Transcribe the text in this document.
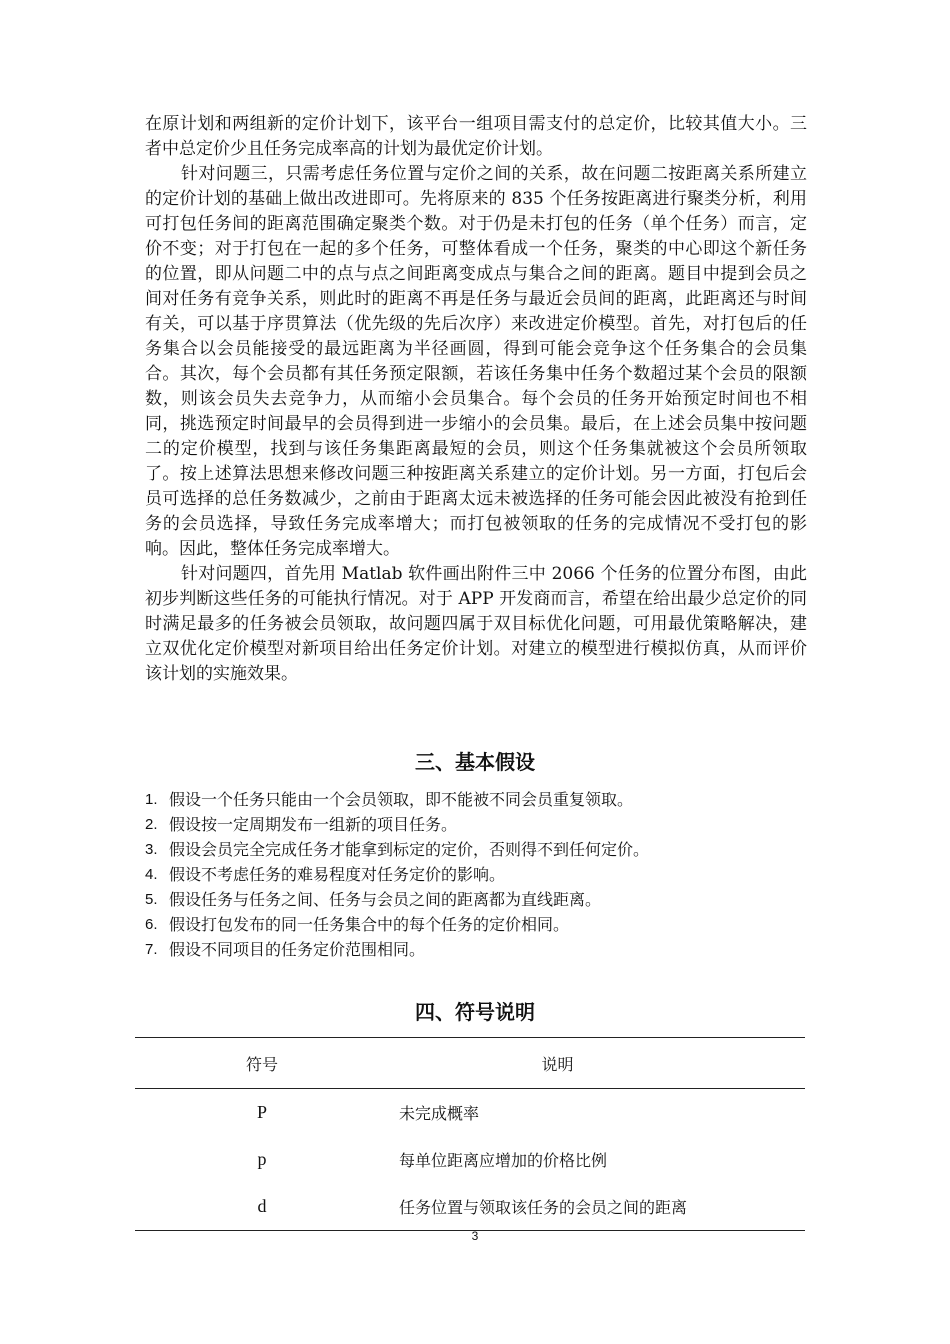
在原计划和两组新的定价计划下，该平台一组项目需支付的总定价，比较其值大小。三者中总定价少且任务完成率高的计划为最优定价计划。

针对问题三，只需考虑任务位置与定价之间的关系，故在问题二按距离关系所建立的定价计划的基础上做出改进即可。先将原来的 835 个任务按距离进行聚类分析，利用可打包任务间的距离范围确定聚类个数。对于仍是未打包的任务（单个任务）而言，定价不变；对于打包在一起的多个任务，可整体看成一个任务，聚类的中心即这个新任务的位置，即从问题二中的点与点之间距离变成点与集合之间的距离。题目中提到会员之间对任务有竞争关系，则此时的距离不再是任务与最近会员间的距离，此距离还与时间有关，可以基于序贯算法（优先级的先后次序）来改进定价模型。首先，对打包后的任务集合以会员能接受的最远距离为半径画圆，得到可能会竞争这个任务集合的会员集合。其次，每个会员都有其任务预定限额，若该任务集中任务个数超过某个会员的限额数，则该会员失去竞争力，从而缩小会员集合。每个会员的任务开始预定时间也不相同，挑选预定时间最早的会员得到进一步缩小的会员集。最后，在上述会员集中按问题二的定价模型，找到与该任务集距离最短的会员，则这个任务集就被这个会员所领取了。按上述算法思想来修改问题三种按距离关系建立的定价计划。另一方面，打包后会员可选择的总任务数减少，之前由于距离太远未被选择的任务可能会因此被没有抢到任务的会员选择，导致任务完成率增大；而打包被领取的任务的完成情况不受打包的影响。因此，整体任务完成率增大。

针对问题四，首先用 Matlab 软件画出附件三中 2066 个任务的位置分布图，由此初步判断这些任务的可能执行情况。对于 APP 开发商而言，希望在给出最少总定价的同时满足最多的任务被会员领取，故问题四属于双目标优化问题，可用最优策略解决，建立双优化定价模型对新项目给出任务定价计划。对建立的模型进行模拟仿真，从而评价该计划的实施效果。

三、基本假设
1. 假设一个任务只能由一个会员领取，即不能被不同会员重复领取。
2. 假设按一定周期发布一组新的项目任务。
3. 假设会员完全完成任务才能拿到标定的定价，否则得不到任何定价。
4. 假设不考虑任务的难易程度对任务定价的影响。
5. 假设任务与任务之间、任务与会员之间的距离都为直线距离。
6. 假设打包发布的同一任务集合中的每个任务的定价相同。
7. 假设不同项目的任务定价范围相同。
四、符号说明
符号	说明
P	未完成概率
p	每单位距离应增加的价格比例
d	任务位置与领取该任务的会员之间的距离
3
